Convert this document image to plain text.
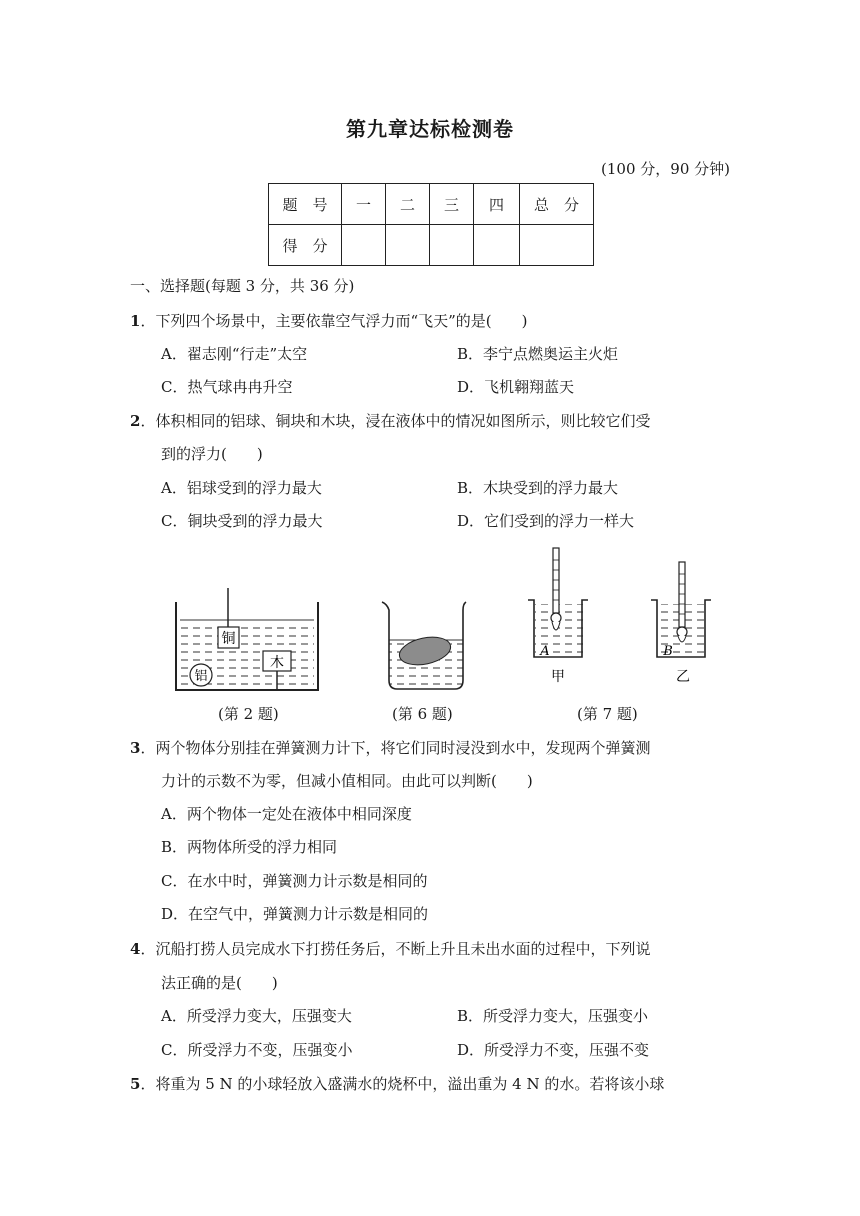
第九章达标检测卷
(100 分，90 分钟)
题　号	一	二	三	四	总　分
得　分					
一、选择题(每题 3 分，共 36 分)
1．下列四个场景中，主要依靠空气浮力而“飞天”的是(　　)
A．翟志刚“行走”太空	B．李宁点燃奥运主火炬
C．热气球冉冉升空	D．飞机翱翔蓝天
2．体积相同的铝球、铜块和木块，浸在液体中的情况如图所示，则比较它们受
到的浮力(　　)
A．铝球受到的浮力最大	B．木块受到的浮力最大
C．铜块受到的浮力最大	D．它们受到的浮力一样大
铜
木
铝
A
甲
B
乙
(第 2 题)	(第 6 题)	(第 7 题)
3．两个物体分别挂在弹簧测力计下，将它们同时浸没到水中，发现两个弹簧测
力计的示数不为零，但减小值相同。由此可以判断(　　)
A．两个物体一定处在液体中相同深度
B．两物体所受的浮力相同
C．在水中时，弹簧测力计示数是相同的
D．在空气中，弹簧测力计示数是相同的
4．沉船打捞人员完成水下打捞任务后，不断上升且未出水面的过程中，下列说
法正确的是(　　)
A．所受浮力变大，压强变大	B．所受浮力变大，压强变小
C．所受浮力不变，压强变小	D．所受浮力不变，压强不变
5．将重为 5 N 的小球轻放入盛满水的烧杯中，溢出重为 4 N 的水。若将该小球
